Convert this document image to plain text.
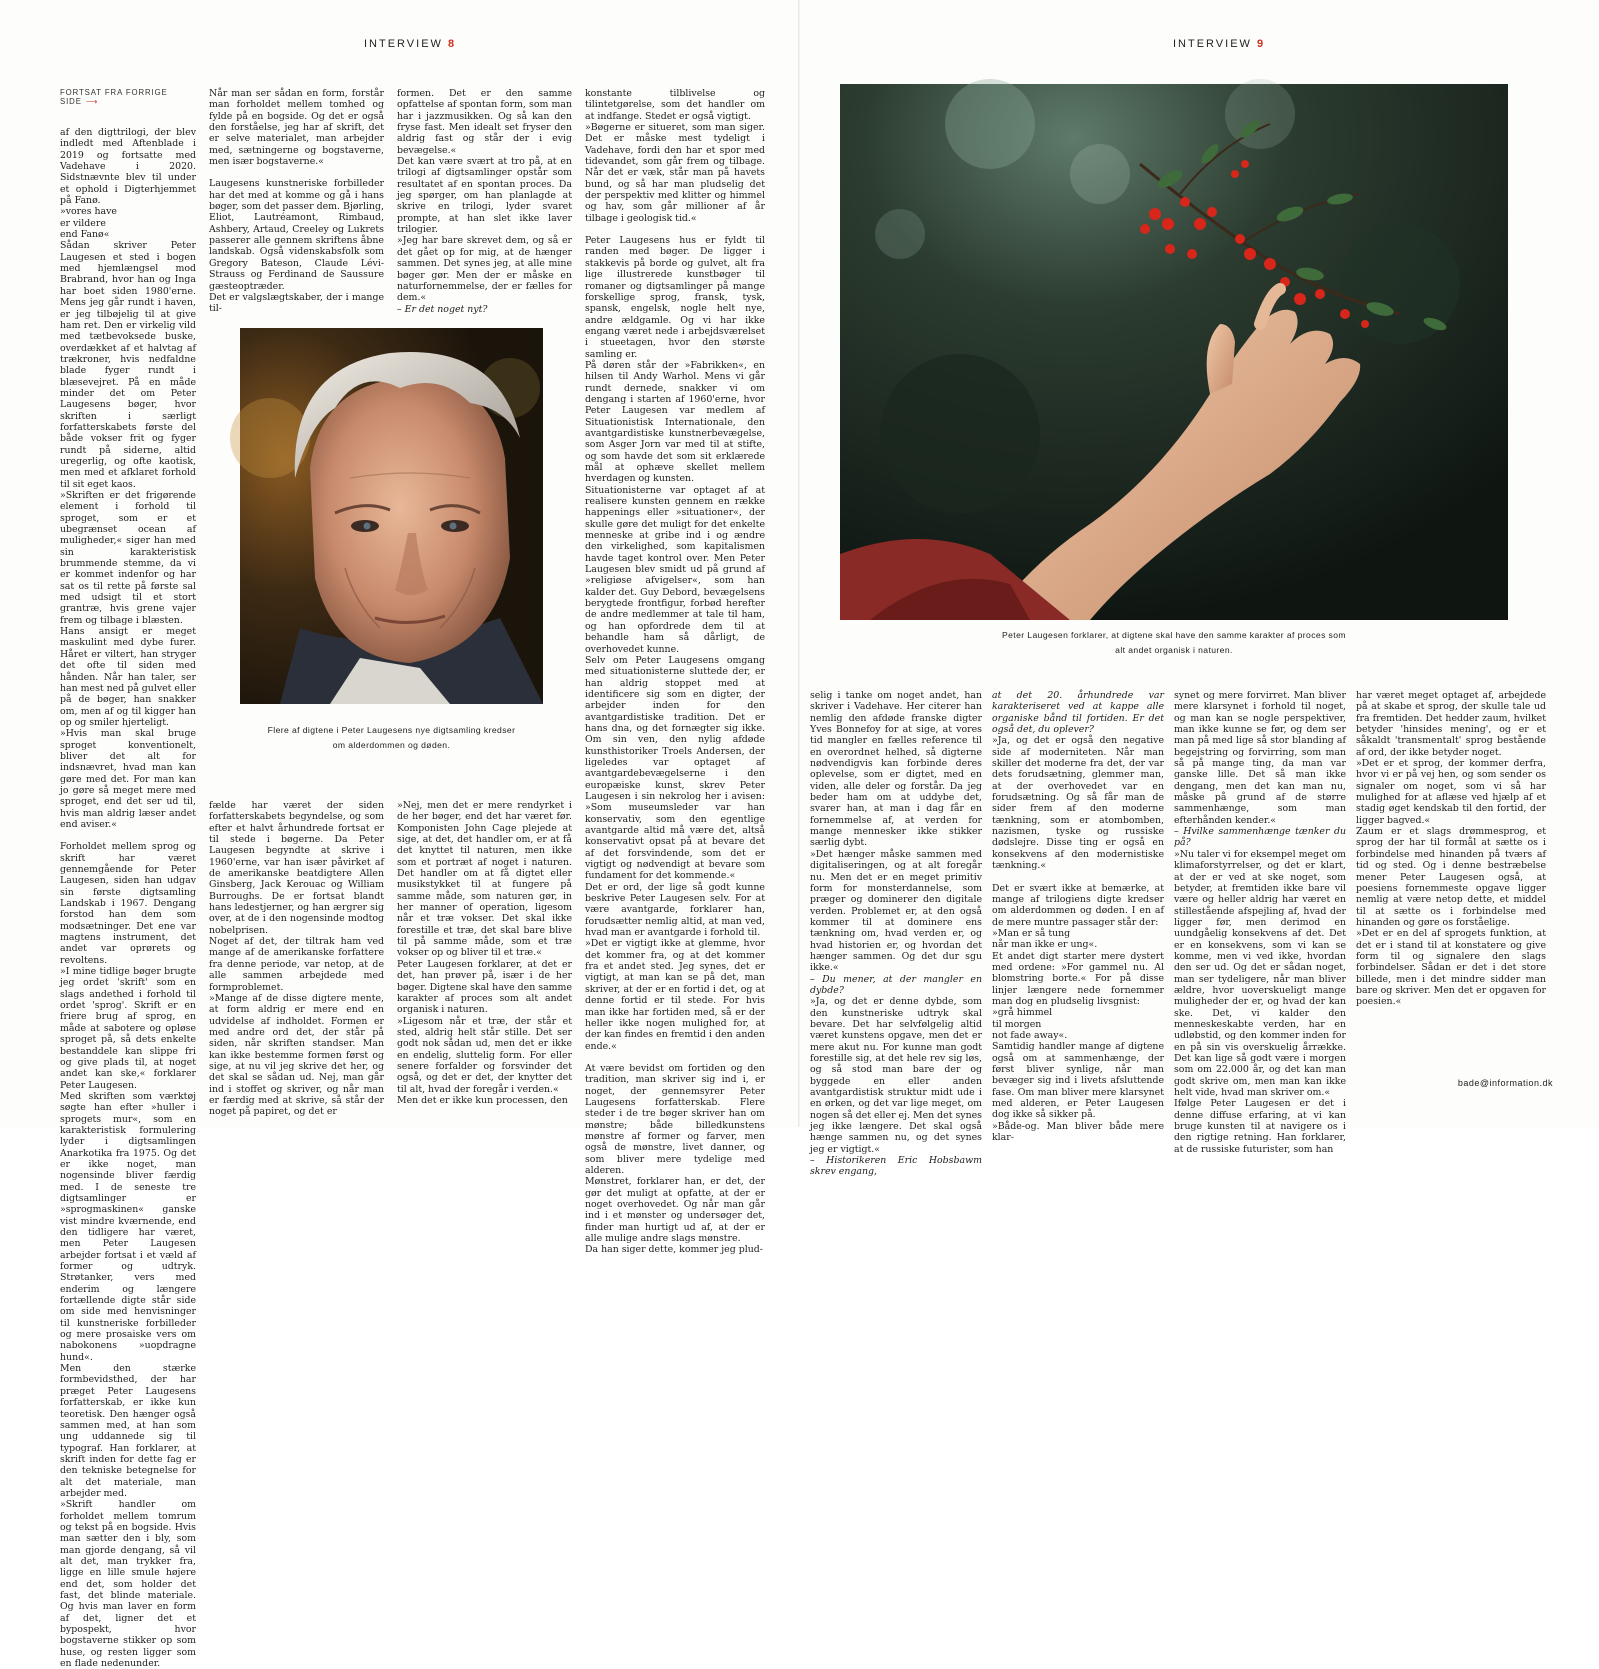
INTERVIEW 8
FORTSAT FRA FORRIGE SIDE ⟶

af den digttrilogi, der blev indledt med Aftenblade i 2019 og fortsatte med Vadehave i 2020. Sidstnævnte blev til under et ophold i Digterhjemmet på Fanø.

»vores have

er vildere

end Fanø«

Sådan skriver Peter Laugesen et sted i bogen med hjemlængsel mod Brabrand, hvor han og Inga har boet siden 1980'erne. Mens jeg går rundt i haven, er jeg tilbøjelig til at give ham ret. Den er virkelig vild med tætbevoksede buske, overdækket af et halvtag af trækroner, hvis nedfaldne blade fyger rundt i blæsevejret. På en måde minder det om Peter Laugesens bøger, hvor skriften i særligt forfatterskabets første del både vokser frit og fyger rundt på siderne, altid uregerlig, og ofte kaotisk, men med et afklaret forhold til sit eget kaos.

»Skriften er det frigørende element i forhold til sproget, som er et ubegrænset ocean af muligheder,« siger han med sin karakteristisk brummende stemme, da vi er kommet indenfor og har sat os til rette på første sal med udsigt til et stort grantræ, hvis grene vajer frem og tilbage i blæsten.

Hans ansigt er meget maskulint med dybe furer. Håret er viltert, han stryger det ofte til siden med hånden. Når han taler, ser han mest ned på gulvet eller på de bøger, han snakker om, men af og til kigger han op og smiler hjerteligt.

»Hvis man skal bruge sproget konventionelt, bliver det alt for indsnævret, hvad man kan gøre med det. For man kan jo gøre så meget mere med sproget, end det ser ud til, hvis man aldrig læser andet end aviser.«

Forholdet mellem sprog og skrift har været gennemgående for Peter Laugesen, siden han udgav sin første digtsamling Landskab i 1967. Dengang forstod han dem som modsætninger. Det ene var magtens instrument, det andet var oprørets og revoltens.

»I mine tidlige bøger brugte jeg ordet 'skrift' som en slags andethed i forhold til ordet 'sprog'. Skrift er en friere brug af sprog, en måde at sabotere og opløse sproget på, så dets enkelte bestanddele kan slippe fri og give plads til, at noget andet kan ske,« forklarer Peter Laugesen.

Med skriften som værktøj søgte han efter »huller i sprogets mur«, som en karakteristisk formulering lyder i digtsamlingen Anarkotika fra 1975. Og det er ikke noget, man nogensinde bliver færdig med. I de seneste tre digtsamlinger er »sprogmaskinen« ganske vist mindre kværnende, end den tidligere har været, men Peter Laugesen arbejder fortsat i et væld af former og udtryk. Strøtanker, vers med enderim og længere fortællende digte står side om side med henvisninger til kunstneriske forbilleder og mere prosaiske vers om nabokonens »uopdragne hund«.

Men den stærke formbevidsthed, der har præget Peter Laugesens forfatterskab, er ikke kun teoretisk. Den hænger også sammen med, at han som ung uddannede sig til typograf. Han forklarer, at skrift inden for dette fag er den tekniske betegnelse for alt det materiale, man arbejder med.

»Skrift handler om forholdet mellem tomrum og tekst på en bogside. Hvis man sætter den i bly, som man gjorde dengang, så vil alt det, man trykker fra, ligge en lille smule højere end det, som holder det fast, det blinde materiale. Og hvis man laver en form af det, ligner det et bypospekt, hvor bogstaverne stikker op som huse, og resten ligger som en flade nedenunder.

Når man ser sådan en form, forstår man forholdet mellem tomhed og fylde på en bogside. Og det er også den forståelse, jeg har af skrift, det er selve materialet, man arbejder med, sætningerne og bogstaverne, men især bogstaverne.«

Laugesens kunstneriske forbilleder har det med at komme og gå i hans bøger, som det passer dem. Bjørling, Eliot, Lautréamont, Rimbaud, Ashbery, Artaud, Creeley og Lukrets passerer alle gennem skriftens åbne landskab. Også videnskabsfolk som Gregory Bateson, Claude Lévi-Strauss og Ferdinand de Saussure gæsteoptræder.

Det er valgslægtskaber, der i mange til-

formen. Det er den samme opfattelse af spontan form, som man har i jazzmusikken. Og så kan den fryse fast. Men idealt set fryser den aldrig fast og står der i evig bevægelse.«

Det kan være svært at tro på, at en trilogi af digtsamlinger opstår som resultatet af en spontan proces. Da jeg spørger, om han planlagde at skrive en trilogi, lyder svaret prompte, at han slet ikke laver trilogier.

»Jeg har bare skrevet dem, og så er det gået op for mig, at de hænger sammen. Det synes jeg, at alle mine bøger gør. Men der er måske en naturfornemmelse, der er fælles for dem.«

– Er det noget nyt?

Flere af digtene i Peter Laugesens nye digtsamling kredser
om alderdommen og døden.

fælde har været der siden forfatterskabets begyndelse, og som efter et halvt århundrede fortsat er til stede i bøgerne. Da Peter Laugesen begyndte at skrive i 1960'erne, var han især påvirket af de amerikanske beatdigtere Allen Ginsberg, Jack Kerouac og William Burroughs. De er fortsat blandt hans ledestjerner, og han ærgrer sig over, at de i den nogensinde modtog nobelprisen.

Noget af det, der tiltrak ham ved mange af de amerikanske forfattere fra denne periode, var netop, at de alle sammen arbejdede med formproblemet.

»Mange af de disse digtere mente, at form aldrig er mere end en udvidelse af indholdet. Formen er med andre ord det, der står på siden, når skriften standser. Man kan ikke bestemme formen først og sige, at nu vil jeg skrive det her, og det skal se sådan ud. Nej, man går ind i stoffet og skriver, og når man er færdig med at skrive, så står der noget på papiret, og det er

»Nej, men det er mere rendyrket i de her bøger, end det har været før. Komponisten John Cage plejede at sige, at det, det handler om, er at få det knyttet til naturen, men ikke som et portræt af noget i naturen. Det handler om at få digtet eller musikstykket til at fungere på samme måde, som naturen gør, in her manner of operation, ligesom når et træ vokser. Det skal ikke forestille et træ, det skal bare blive til på samme måde, som et træ vokser op og bliver til et træ.«

Peter Laugesen forklarer, at det er det, han prøver på, især i de her bøger. Digtene skal have den samme karakter af proces som alt andet organisk i naturen.

»Ligesom når et træ, der står et sted, aldrig helt står stille. Det ser godt nok sådan ud, men det er ikke en endelig, sluttelig form. For eller senere forfalder og forsvinder det også, og det er det, der knytter det til alt, hvad der foregår i verden.«

Men det er ikke kun processen, den

konstante tilblivelse og tilintetgørelse, som det handler om at indfange. Stedet er også vigtigt.

»Bøgerne er situeret, som man siger. Det er måske mest tydeligt i Vadehave, fordi den har et spor med tidevandet, som går frem og tilbage. Når det er væk, står man på havets bund, og så har man pludselig det der perspektiv med klitter og himmel og hav, som går millioner af år tilbage i geologisk tid.«

Peter Laugesens hus er fyldt til randen med bøger. De ligger i stakkevis på borde og gulvet, alt fra lige illustrerede kunstbøger til romaner og digtsamlinger på mange forskellige sprog, fransk, tysk, spansk, engelsk, nogle helt nye, andre ældgamle. Og vi har ikke engang været nede i arbejdsværelset i stueetagen, hvor den største samling er.

På døren står der »Fabrikken«, en hilsen til Andy Warhol. Mens vi går rundt dernede, snakker vi om dengang i starten af 1960'erne, hvor Peter Laugesen var medlem af Situationistisk Internationale, den avantgardistiske kunstnerbevægelse, som Asger Jorn var med til at stifte, og som havde det som sit erklærede mål at ophæve skellet mellem hverdagen og kunsten.

Situationisterne var optaget af at realisere kunsten gennem en række happenings eller »situationer«, der skulle gøre det muligt for det enkelte menneske at gribe ind i og ændre den virkelighed, som kapitalismen havde taget kontrol over. Men Peter Laugesen blev smidt ud på grund af »religiøse afvigelser«, som han kalder det. Guy Debord, bevægelsens berygtede frontfigur, forbød herefter de andre medlemmer at tale til ham, og han opfordrede dem til at behandle ham så dårligt, de overhovedet kunne.

Selv om Peter Laugesens omgang med situationisterne sluttede der, er han aldrig stoppet med at identificere sig som en digter, der arbejder inden for den avantgardistiske tradition. Det er hans dna, og det fornægter sig ikke. Om sin ven, den nylig afdøde kunsthistoriker Troels Andersen, der ligeledes var optaget af avantgardebevægelserne i den europæiske kunst, skrev Peter Laugesen i sin nekrolog her i avisen: »Som museumsleder var han konservativ, som den egentlige avantgarde altid må være det, altså konservativt opsat på at bevare det af det forsvindende, som det er vigtigt og nødvendigt at bevare som fundament for det kommende.«

Det er ord, der lige så godt kunne beskrive Peter Laugesen selv. For at være avantgarde, forklarer han, forudsætter nemlig altid, at man ved, hvad man er avantgarde i forhold til.

»Det er vigtigt ikke at glemme, hvor det kommer fra, og at det kommer fra et andet sted. Jeg synes, det er vigtigt, at man kan se på det, man skriver, at der er en fortid i det, og at denne fortid er til stede. For hvis man ikke har fortiden med, så er der heller ikke nogen mulighed for, at der kan findes en fremtid i den anden ende.«

At være bevidst om fortiden og den tradition, man skriver sig ind i, er noget, der gennemsyrer Peter Laugesens forfatterskab. Flere steder i de tre bøger skriver han om mønstre; både billedkunstens mønstre af former og farver, men også de mønstre, livet danner, og som bliver mere tydelige med alderen.

Mønstret, forklarer han, er det, der gør det muligt at opfatte, at der er noget overhovedet. Og når man går ind i et mønster og undersøger det, finder man hurtigt ud af, at der er alle mulige andre slags mønstre.

Da han siger dette, kommer jeg plud-

INTERVIEW 9
Peter Laugesen forklarer, at digtene skal have den samme karakter af proces som
alt andet organisk i naturen.

selig i tanke om noget andet, han skriver i Vadehave. Her citerer han nemlig den afdøde franske digter Yves Bonnefoy for at sige, at vores tid mangler en fælles reference til en overordnet helhed, så digterne nødvendigvis kan forbinde deres oplevelse, som er digtet, med en viden, alle deler og forstår. Da jeg beder ham om at uddybe det, svarer han, at man i dag får en fornemmelse af, at verden for mange mennesker ikke stikker særlig dybt.

»Det hænger måske sammen med digitaliseringen, og at alt foregår nu. Men det er en meget primitiv form for monsterdannelse, som præger og dominerer den digitale verden. Problemet er, at den også kommer til at dominere ens tænkning om, hvad verden er, og hvad historien er, og hvordan det hænger sammen. Og det dur sgu ikke.«

– Du mener, at der mangler en dybde?

»Ja, og det er denne dybde, som den kunstneriske udtryk skal bevare. Det har selvfølgelig altid været kunstens opgave, men det er mere akut nu. For kunne man godt forestille sig, at det hele rev sig løs, og så stod man bare der og byggede en eller anden avantgardistisk struktur midt ude i en ørken, og det var lige meget, om nogen så det eller ej. Men det synes jeg ikke længere. Det skal også hænge sammen nu, og det synes jeg er vigtigt.«

– Historikeren Eric Hobsbawm skrev engang,

at det 20. århundrede var karakteriseret ved at kappe alle organiske bånd til fortiden. Er det også det, du oplever?

»Ja, og det er også den negative side af moderniteten. Når man skiller det moderne fra det, der var dets forudsætning, glemmer man, at der overhovedet var en forudsætning. Og så får man de sider frem af den moderne tænkning, som er atombomben, nazismen, tyske og russiske dødslejre. Disse ting er også en konsekvens af den modernistiske tænkning.«

Det er svært ikke at bemærke, at mange af trilogiens digte kredser om alderdommen og døden. I en af de mere muntre passager står der:

»Man er så tung

når man ikke er ung«.

Et andet digt starter mere dystert med ordene: »For gammel nu. Al blomstring borte.« For på disse linjer længere nede fornemmer man dog en pludselig livsgnist:

»grå himmel

til morgen

not fade away«.

Samtidig handler mange af digtene også om at sammenhænge, der først bliver synlige, når man bevæger sig ind i livets afsluttende fase. Om man bliver mere klarsynet med alderen, er Peter Laugesen dog ikke så sikker på.

»Både-og. Man bliver både mere klar-

synet og mere forvirret. Man bliver mere klarsynet i forhold til noget, og man kan se nogle perspektiver, man ikke kunne se før, og dem ser man på med lige så stor blanding af begejstring og forvirring, som man så på mange ting, da man var ganske lille. Det så man ikke dengang, men det kan man nu, måske på grund af de større sammenhænge, som man efterhånden kender.«

– Hvilke sammenhænge tænker du på?

»Nu taler vi for eksempel meget om klimaforstyrrelser, og det er klart, at der er ved at ske noget, som betyder, at fremtiden ikke bare vil være og heller aldrig har været en stillestående afspejling af, hvad der ligger før, men derimod en uundgåelig konsekvens af det. Det er en konsekvens, som vi kan se komme, men vi ved ikke, hvordan den ser ud. Og det er sådan noget, man ser tydeligere, når man bliver ældre, hvor uoverskueligt mange muligheder der er, og hvad der kan ske. Det, vi kalder den menneskeskabte verden, har en udløbstid, og den kommer inden for en på sin vis overskuelig årrække. Det kan lige så godt være i morgen som om 22.000 år, og det kan man godt skrive om, men man kan ikke helt vide, hvad man skriver om.«

Ifølge Peter Laugesen er det i denne diffuse erfaring, at vi kan bruge kunsten til at navigere os i den rigtige retning. Han forklarer, at de russiske futurister, som han

har været meget optaget af, arbejdede på at skabe et sprog, der skulle tale ud fra fremtiden. Det hedder zaum, hvilket betyder 'hinsides mening', og er et såkaldt 'transmentalt' sprog bestående af ord, der ikke betyder noget.

»Det er et sprog, der kommer derfra, hvor vi er på vej hen, og som sender os signaler om noget, som vi så har mulighed for at aflæse ved hjælp af et stadig øget kendskab til den fortid, der ligger bagved.«

Zaum er et slags drømmesprog, et sprog der har til formål at sætte os i forbindelse med hinanden på tværs af tid og sted. Og i denne bestræbelse mener Peter Laugesen også, at poesiens fornemmeste opgave ligger nemlig at være netop dette, et middel til at sætte os i forbindelse med hinanden og gøre os forståelige.

»Det er en del af sprogets funktion, at det er i stand til at konstatere og give form til og signalere den slags forbindelser. Sådan er det i det store billede, men i det mindre sidder man bare og skriver. Men det er opgaven for poesien.«

bade@information.dk
